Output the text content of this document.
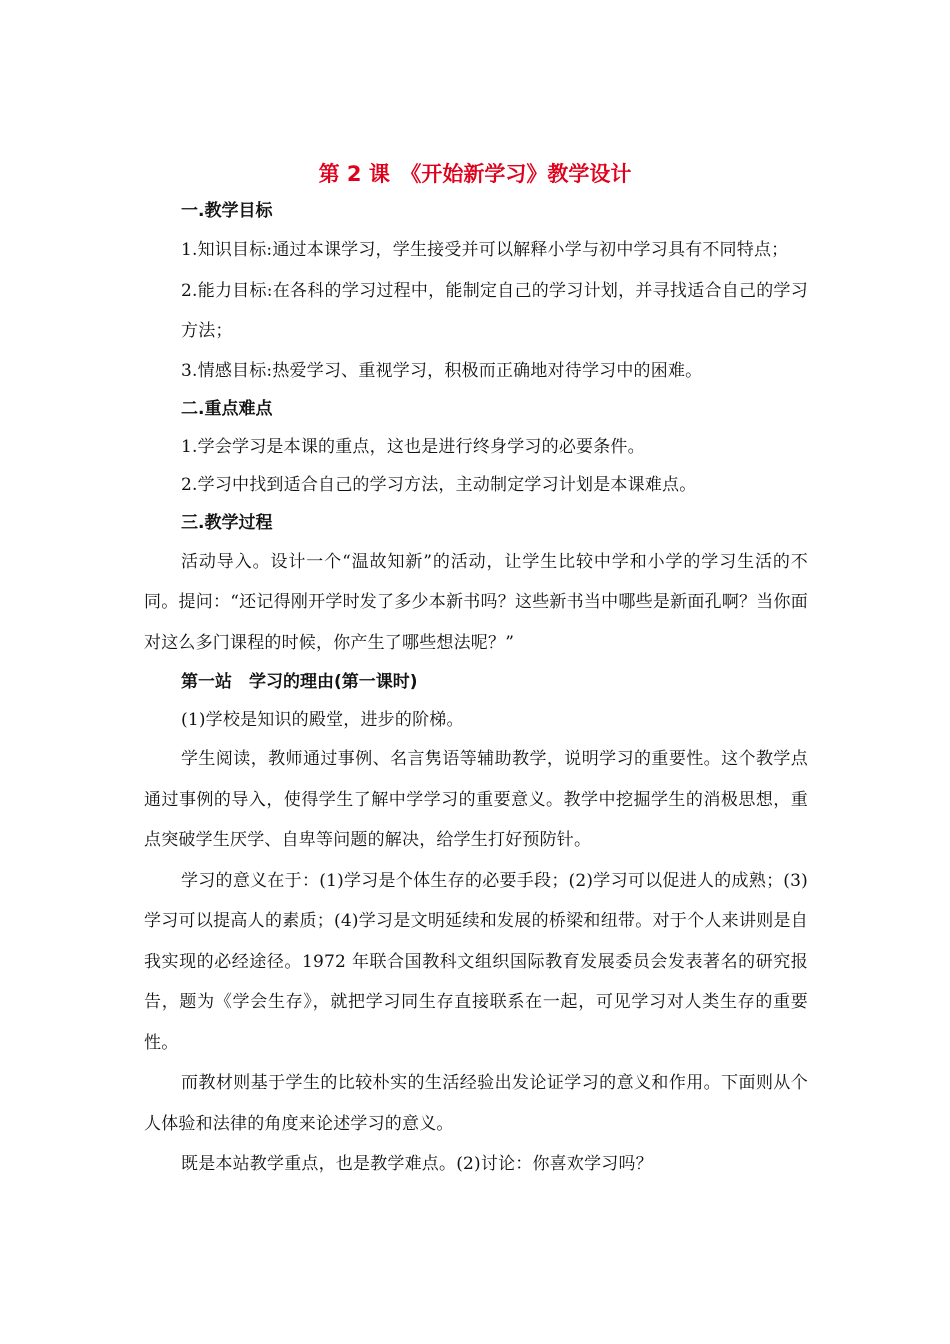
第 2 课　《开始新学习》教学设计

一.教学目标

1.知识目标:通过本课学习，学生接受并可以解释小学与初中学习具有不同特点；

2.能力目标:在各科的学习过程中，能制定自己的学习计划，并寻找适合自己的学习方法；

3.情感目标:热爱学习、重视学习，积极而正确地对待学习中的困难。

二.重点难点

1.学会学习是本课的重点，这也是进行终身学习的必要条件。

2.学习中找到适合自己的学习方法，主动制定学习计划是本课难点。

三.教学过程

活动导入。设计一个“温故知新”的活动，让学生比较中学和小学的学习生活的不同。提问：“还记得刚开学时发了多少本新书吗？这些新书当中哪些是新面孔啊？当你面对这么多门课程的时候，你产生了哪些想法呢？”

第一站　学习的理由(第一课时)

(1)学校是知识的殿堂，进步的阶梯。

学生阅读，教师通过事例、名言隽语等辅助教学，说明学习的重要性。这个教学点通过事例的导入，使得学生了解中学学习的重要意义。教学中挖掘学生的消极思想，重点突破学生厌学、自卑等问题的解决，给学生打好预防针。

学习的意义在于：(1)学习是个体生存的必要手段；(2)学习可以促进人的成熟；(3)学习可以提高人的素质；(4)学习是文明延续和发展的桥梁和纽带。对于个人来讲则是自我实现的必经途径。1972 年联合国教科文组织国际教育发展委员会发表著名的研究报告，题为《学会生存》，就把学习同生存直接联系在一起，可见学习对人类生存的重要性。

而教材则基于学生的比较朴实的生活经验出发论证学习的意义和作用。下面则从个人体验和法律的角度来论述学习的意义。

既是本站教学重点，也是教学难点。(2)讨论：你喜欢学习吗？
